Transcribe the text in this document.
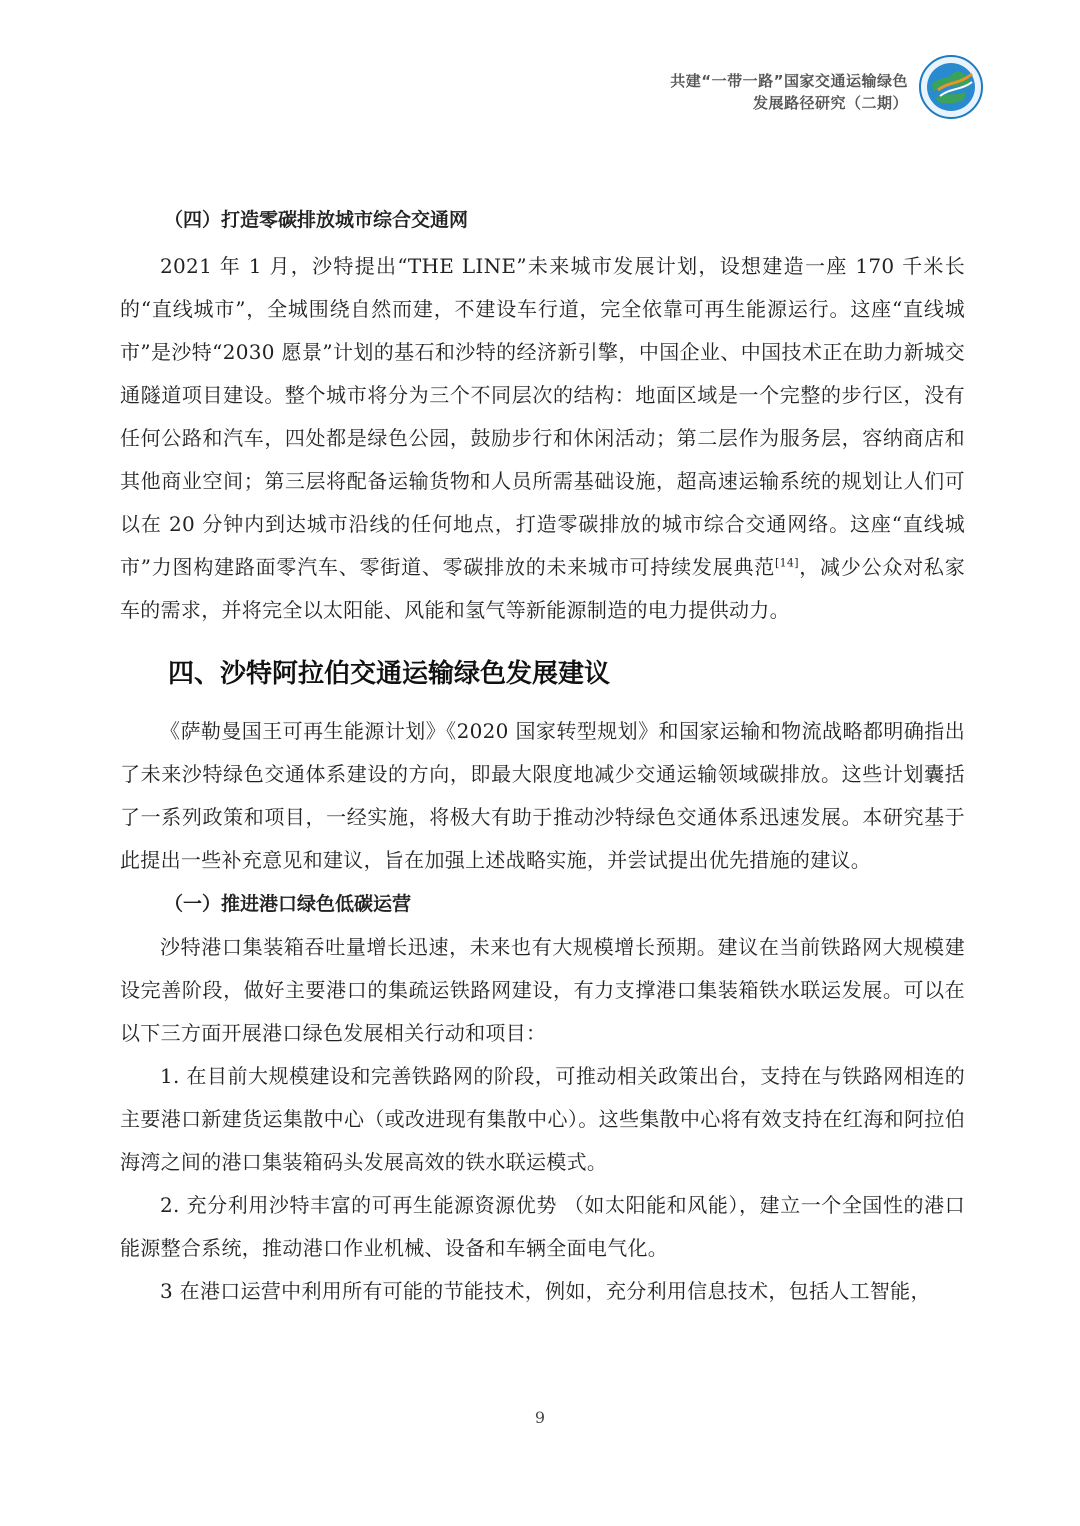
共建“一带一路”国家交通运输绿色
发展路径研究（二期）
（四）打造零碳排放城市综合交通网

2021 年 1 月，沙特提出“THE LINE”未来城市发展计划，设想建造一座 170 千米长的“直线城市”，全城围绕自然而建，不建设车行道，完全依靠可再生能源运行。这座“直线城市”是沙特“2030 愿景”计划的基石和沙特的经济新引擎，中国企业、中国技术正在助力新城交通隧道项目建设。整个城市将分为三个不同层次的结构：地面区域是一个完整的步行区，没有任何公路和汽车，四处都是绿色公园，鼓励步行和休闲活动；第二层作为服务层，容纳商店和其他商业空间；第三层将配备运输货物和人员所需基础设施，超高速运输系统的规划让人们可以在 20 分钟内到达城市沿线的任何地点，打造零碳排放的城市综合交通网络。这座“直线城市”力图构建路面零汽车、零街道、零碳排放的未来城市可持续发展典范[14]，减少公众对私家车的需求，并将完全以太阳能、风能和氢气等新能源制造的电力提供动力。

四、沙特阿拉伯交通运输绿色发展建议

《萨勒曼国王可再生能源计划》《2020 国家转型规划》和国家运输和物流战略都明确指出了未来沙特绿色交通体系建设的方向，即最大限度地减少交通运输领域碳排放。这些计划囊括了一系列政策和项目，一经实施，将极大有助于推动沙特绿色交通体系迅速发展。本研究基于此提出一些补充意见和建议，旨在加强上述战略实施，并尝试提出优先措施的建议。

（一）推进港口绿色低碳运营

沙特港口集装箱吞吐量增长迅速，未来也有大规模增长预期。建议在当前铁路网大规模建设完善阶段，做好主要港口的集疏运铁路网建设，有力支撑港口集装箱铁水联运发展。可以在以下三方面开展港口绿色发展相关行动和项目：

1. 在目前大规模建设和完善铁路网的阶段，可推动相关政策出台，支持在与铁路网相连的主要港口新建货运集散中心（或改进现有集散中心）。这些集散中心将有效支持在红海和阿拉伯海湾之间的港口集装箱码头发展高效的铁水联运模式。

2. 充分利用沙特丰富的可再生能源资源优势 （如太阳能和风能），建立一个全国性的港口能源整合系统，推动港口作业机械、设备和车辆全面电气化。

3 在港口运营中利用所有可能的节能技术，例如，充分利用信息技术，包括人工智能，

9
